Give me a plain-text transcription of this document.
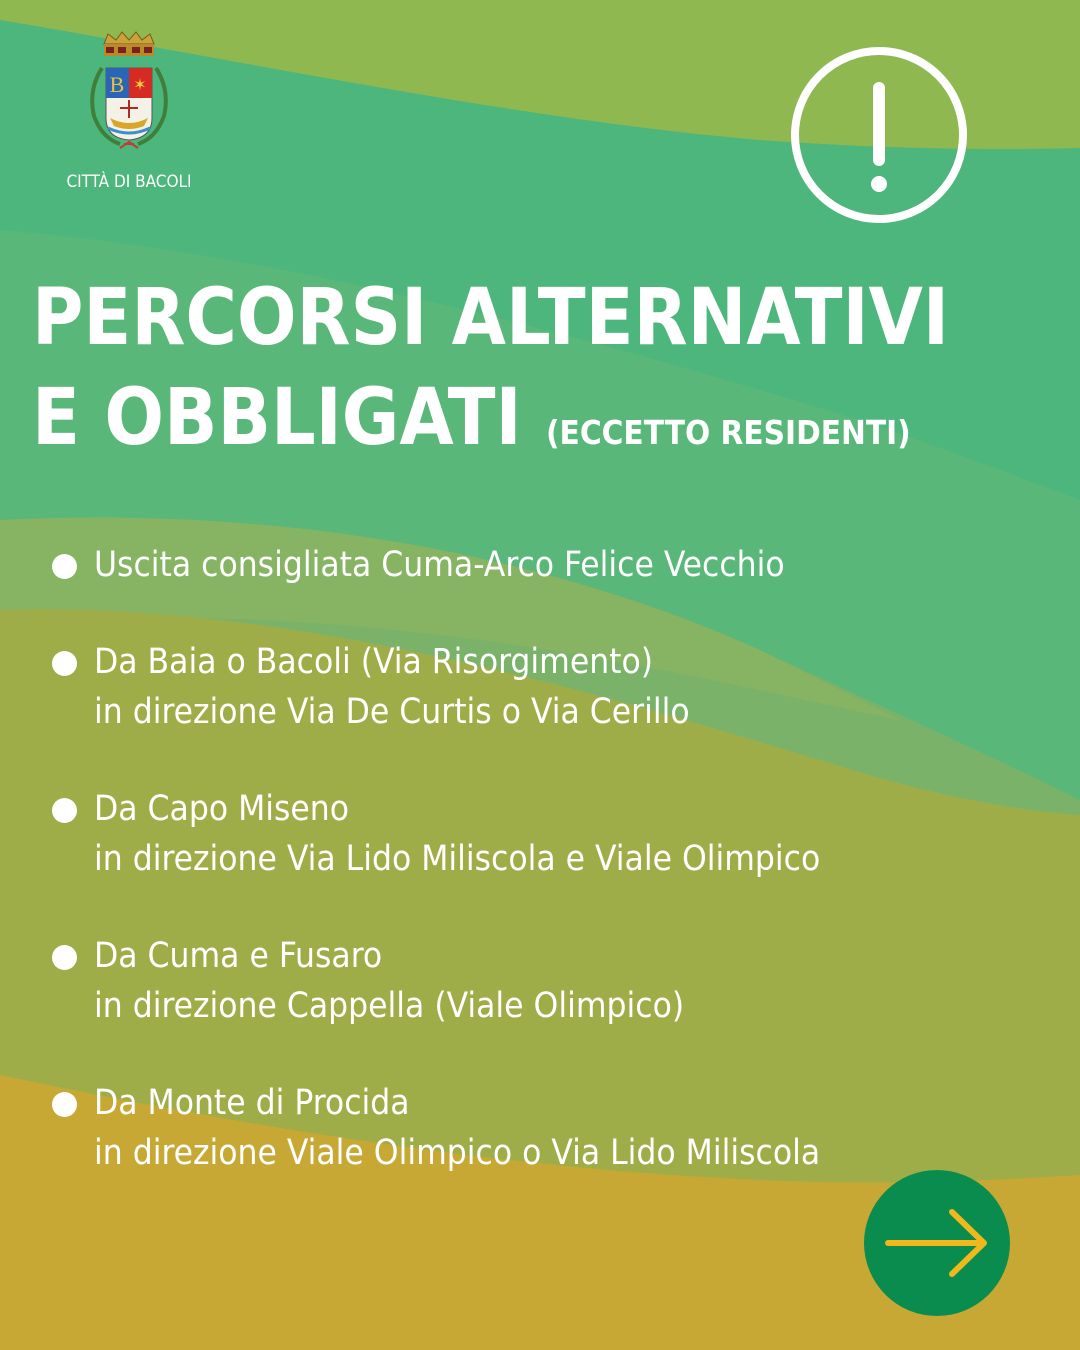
B ✶
CITTÀ DI BACOLI
PERCORSI ALTERNATIVI
E OBBLIGATI (ECCETTO RESIDENTI)
Uscita consigliata Cuma-Arco Felice Vecchio
Da Baia o Bacoli (Via Risorgimento)
in direzione Via De Curtis o Via Cerillo
Da Capo Miseno
in direzione Via Lido Miliscola e Viale Olimpico
Da Cuma e Fusaro
in direzione Cappella (Viale Olimpico)
Da Monte di Procida
in direzione Viale Olimpico o Via Lido Miliscola
